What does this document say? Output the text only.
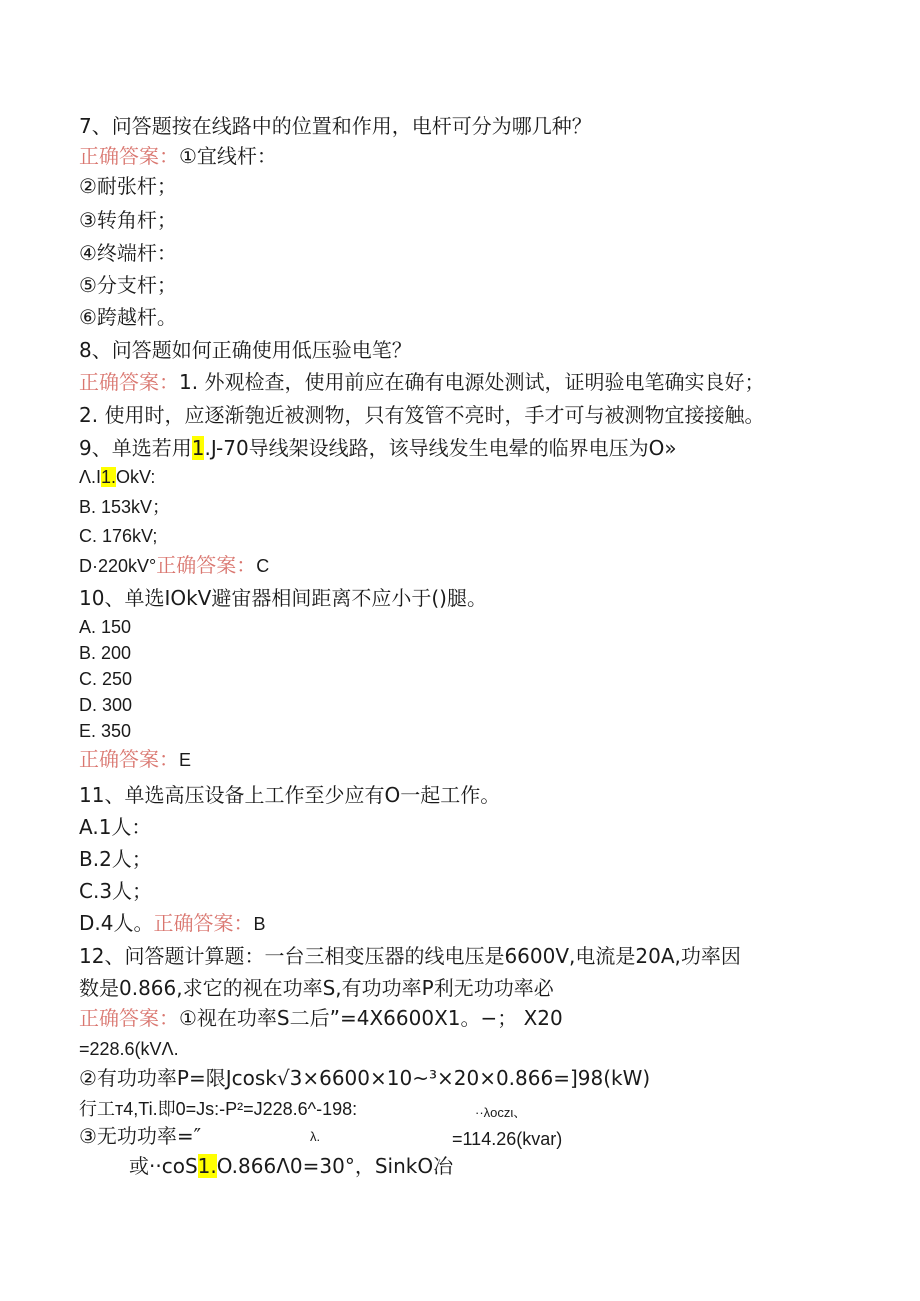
7、问答题按在线路中的位置和作用，电杆可分为哪几种？
正确答案：①宜线杆：
②耐张杆；
③转角杆；
④终端杆：
⑤分支杆；
⑥跨越杆。
8、问答题如何正确使用低压验电笔？
正确答案：1. 外观检查，使用前应在确有电源处测试，证明验电笔确实良好；
2. 使用时，应逐渐匏近被测物，只有笈管不亮时，手才可与被测物宜接接触。
9、单选若用1.J-70导线架设线路，该导线发生电晕的临界电压为O»
Λ.I1.OkV:
B. 153kV；
C. 176kV;
D·220kV°正确答案：C
10、单选IOkV避宙器相间距离不应小于()腿。
A. 150
B. 200
C. 250
D. 300
E. 350
正确答案：E
11、单选高压设备上工作至少应有O一起工作。
A.1人：
B.2人；
C.3人；
D.4人。正确答案：B
12、问答题计算题：一台三相变压器的线电压是6600V,电流是20A,功率因
数是0.866,求它的视在功率S,有功功率P利无功功率必
正确答案：①视在功率S二后”=4X6600X1。−； X20
=228.6(kVΛ.
②有功功率P=限Jcosk√3×6600×10~³×20×0.866=]98(kW)
行工т4,Ti.即0=Js:-P²=J228.6^-198:	··λoczι、
③无功功率=″	λ.	=114.26(kvar)
或··coS1.O.866Λ0=30°，SinkO冶
